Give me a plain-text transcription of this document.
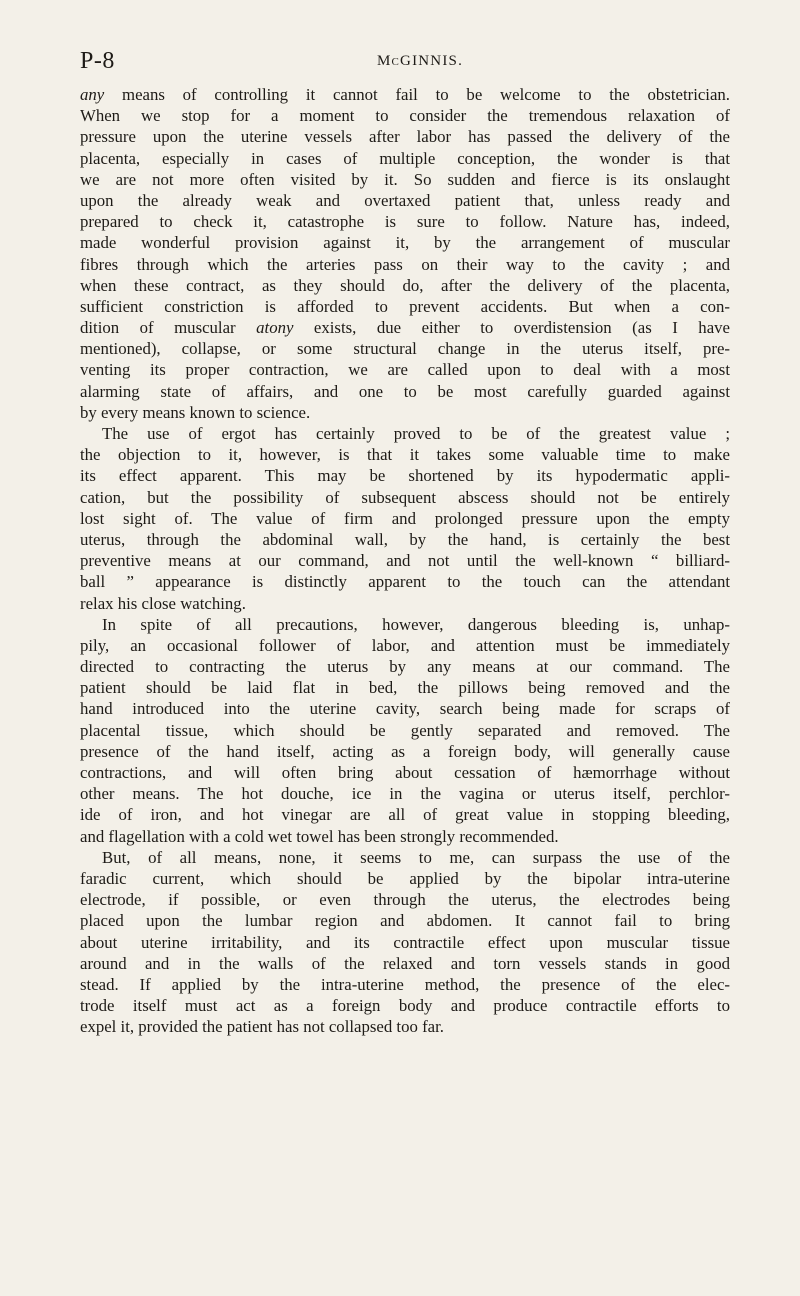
P-8	McGINNIS.
any means of controlling it cannot fail to be welcome to the obstetrician.
When we stop for a moment to consider the tremendous relaxation of
pressure upon the uterine vessels after labor has passed the delivery of the
placenta, especially in cases of multiple conception, the wonder is that
we are not more often visited by it. So sudden and fierce is its onslaught
upon the already weak and overtaxed patient that, unless ready and
prepared to check it, catastrophe is sure to follow. Nature has, indeed,
made wonderful provision against it, by the arrangement of muscular
fibres through which the arteries pass on their way to the cavity ; and
when these contract, as they should do, after the delivery of the placenta,
sufficient constriction is afforded to prevent accidents. But when a con-
dition of muscular atony exists, due either to overdistension (as I have
mentioned), collapse, or some structural change in the uterus itself, pre-
venting its proper contraction, we are called upon to deal with a most
alarming state of affairs, and one to be most carefully guarded against
by every means known to science.
The use of ergot has certainly proved to be of the greatest value ;
the objection to it, however, is that it takes some valuable time to make
its effect apparent. This may be shortened by its hypodermatic appli-
cation, but the possibility of subsequent abscess should not be entirely
lost sight of. The value of firm and prolonged pressure upon the empty
uterus, through the abdominal wall, by the hand, is certainly the best
preventive means at our command, and not until the well-known “ billiard-
ball ” appearance is distinctly apparent to the touch can the attendant
relax his close watching.
In spite of all precautions, however, dangerous bleeding is, unhap-
pily, an occasional follower of labor, and attention must be immediately
directed to contracting the uterus by any means at our command. The
patient should be laid flat in bed, the pillows being removed and the
hand introduced into the uterine cavity, search being made for scraps of
placental tissue, which should be gently separated and removed. The
presence of the hand itself, acting as a foreign body, will generally cause
contractions, and will often bring about cessation of hæmorrhage without
other means. The hot douche, ice in the vagina or uterus itself, perchlor-
ide of iron, and hot vinegar are all of great value in stopping bleeding,
and flagellation with a cold wet towel has been strongly recommended.
But, of all means, none, it seems to me, can surpass the use of the
faradic current, which should be applied by the bipolar intra-uterine
electrode, if possible, or even through the uterus, the electrodes being
placed upon the lumbar region and abdomen. It cannot fail to bring
about uterine irritability, and its contractile effect upon muscular tissue
around and in the walls of the relaxed and torn vessels stands in good
stead. If applied by the intra-uterine method, the presence of the elec-
trode itself must act as a foreign body and produce contractile efforts to
expel it, provided the patient has not collapsed too far.
